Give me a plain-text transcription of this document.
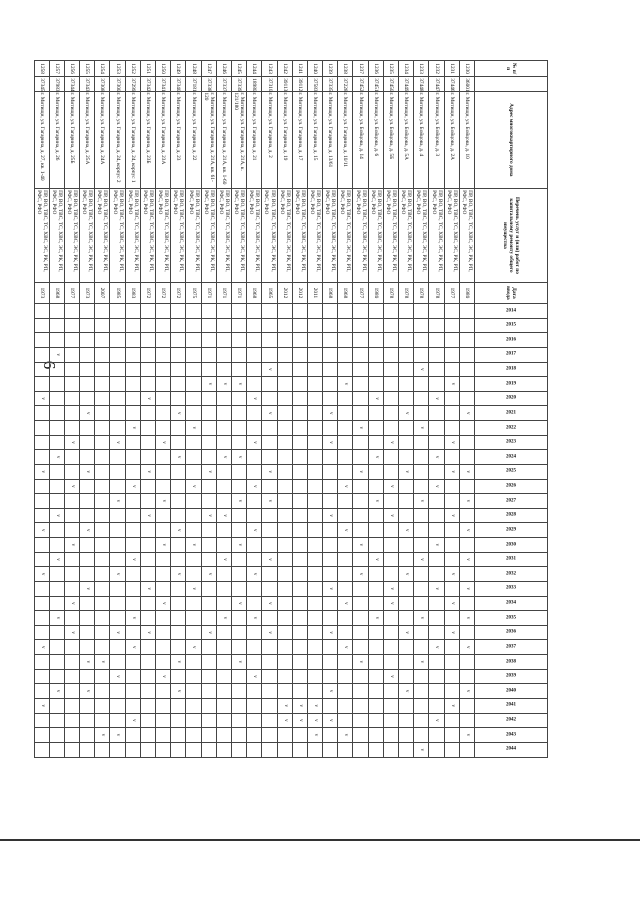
6
№ п/п		Адрес многоквартирного дома	Перечень услуг и (или) работ по капитальному ремонту общего имущества	Дата ввода	2014	2015	2016	2017	2018	2019	2020	2021	2022	2023	2024	2025	2026	2027	2028	2029	2030	2031	2032	2033	2034	2035	2036	2037	2038	2039	2040	2041	2042	2043	2044
1230	36001	г. Митищи, ул. Бойцова, д. 10	ПР, ВО, ТВС, ТС, ХВС, ЭС, РК, РП, РФС, РФО	1980								v				v		v		v		v		v		v		v			v			v	
1231	37446	г. Митищи, ул. Бойцова, д. 2А	ПР, ВО, ТВС, ТС, ХВС, ЭС, РК, РП, РФС, РФО	1977						v				v		v			v				v		v		v					v			
1232	37447	г. Митищи, ул. Бойцова, д. 3	ПР, ВО, ТВС, ТС, ХВС, ЭС, РК, РП, РФС, РФО	1978							v				v		v				v			v				v					v		
1233	37448	г. Митищи, ул. Бойцова, д. 4	ПР, ВО, ТВС, ТС, ХВС, ЭС, РК, РП, РФС, РФО	1978					v				v					v				v				v			v						v
1234	37449	г. Митищи, ул. Бойцова, д. 5А	ПР, ВО, ТВС, ТС, ХВС, ЭС, РК, РП, РФС, РФО	1978								v				v				v			v				v				v				
1235	37450	г. Митищи, ул. Бойцова, д. 5Б	ПР, ВО, ТВС, ТС, ХВС, ЭС, РК, РП, РФС, РФО	1978										v			v		v					v	v					v					
1236	37451	г. Митищи, ул. Бойцова, д. 6	ПР, ВО, ТВС, ТС, ХВС, ЭС, РК, РП, РФС, РФО	1980							v				v			v				v				v									
1237	37452	г. Митищи, ул. Бойцова, д. 14	ПР, ВО, ТВС, ТС, ХВС, ЭС, РК, РП, РФС, РФО	1977									v			v					v		v						v						
1238	37228	г. Митищи, ул. Гагарина, д. 10/11	ПР, ВО, ТВС, ТС, ХВС, ЭС, РК, РП, РФС, РФО	1968						v							v			v					v			v						v	
1239	37335	г. Митищи, ул. Гагарина, д. 13/61	ПР, ВО, ТВС, ТС, ХВС, ЭС, РК, РП, РФС, РФО	1968								v		v					v					v			v				v		v		
1240	37583	г. Митищи, ул. Гагарина, д. 15	ПР, ВО, ТВС, ТС, ХВС, ЭС, РК, РП, РФС, РФО	2011																												v	v	v	
1241	39112	г. Митищи, ул. Гагарина, д. 17	ПР, ВО, ТВС, ТС, ХВС, ЭС, РК, РП, РФС, РФО	2012																												v	v		
1242	39113	г. Митищи, ул. Гагарина, д. 19	ПР, ВО, ТВС, ТС, ХВС, ЭС, РК, РП, РФС, РФО	2012																												v	v		
1243	37310	г. Митищи, ул. Гагарина, д. 2	ПР, ВО, ТВС, ТС, ХВС, ЭС, РК, РП, РФС, РФО	1965					v			v				v		v				v			v		v								
1244	18980	г. Митищи, ул. Гагарина, д. 21	ПР, ВО, ТВС, ТС, ХВС, ЭС, РК, РП, РФС, РФО	1968							v			v			v			v			v			v				v					
1245	37339	г. Митищи, ул. Гагарина, д. 21А, к. 121/180	ПР, ВО, ТВС, ТС, ХВС, ЭС, РК, РП, РФС, РФО	1971						v					v			v			v				v				v						
1246	37337	г. Митищи, ул. Гагарина, д. 21А, кв. 1-60	ПР, ВО, ТВС, ТС, ХВС, ЭС, РК, РП, РФС, РФО	1971						v					v				v			v				v									
1247	37338	г. Митищи, ул. Гагарина, д. 21А, кв. 61-120	ПР, ВО, ТВС, ТС, ХВС, ЭС, РК, РП, РФС, РФО	1971						v						v			v				v				v								
1248	37181	г. Митищи, ул. Гагарина, д. 22	ПР, ВО, ТВС, ТС, ХВС, ЭС, РК, РП, РФС, РФО	1975									v				v				v			v				v							
1249	37340	г. Митищи, ул. Гагарина, д. 23	ПР, ВО, ТВС, ТС, ХВС, ЭС, РК, РП, РФС, РФО	1972								v			v					v			v						v		v				
1250	37341	г. Митищи, ул. Гагарина, д. 23А	ПР, ВО, ТВС, ТС, ХВС, ЭС, РК, РП, РФС, РФО	1972										v				v			v				v					v					
1251	37342	г. Митищи, ул. Гагарина, д. 23Б	ПР, ВО, ТВС, ТС, ХВС, ЭС, РК, РП, РФС, РФО	1972							v					v			v					v			v								
1252	37299	г. Митищи, ул. Гагарина, д. 24, корпус 1	ПР, ВО, ТВС, ТС, ХВС, ЭС, РК, РП, РФС, РФО	1983									v				v					v				v		v					v		
1253	37300	г. Митищи, ул. Гагарина, д. 24, корпус 2	ПР, ВО, ТВС, ТС, ХВС, ЭС, РК, РП, РФС, РФО	1985										v				v					v				v			v				v	
1254	37308	г. Митищи, ул. Гагарина, д. 24А	ПР, ВО, ТВС, ТС, ХВС, ЭС, РК, РП, РФС, РФО	2007																									v					v	
1255	37343	г. Митищи, ул. Гагарина, д. 25А	ПР, ВО, ТВС, ТС, ХВС, ЭС, РК, РП, РФС, РФО	1973								v				v				v				v					v		v				
1256	37344	г. Митищи, ул. Гагарина, д. 25Б	ПР, ВО, ТВС, ТС, ХВС, ЭС, РК, РП, РФС, РФО	1977										v			v				v				v		v								
1257	37983	г. Митищи, ул. Гагарина, д. 26	ПР, ВО, ТВС, ТС, ХВС, ЭС, РК, РП, РФС, РФО	1968				v							v				v			v				v					v				
1258	37345	г. Митищи, ул. Гагарина, д. 27, кв. 1-40	ПР, ВО, ТВС, ТС, ХВС, ЭС, РК, РП, РФС, РФО	1973							v					v				v			v					v				v			
